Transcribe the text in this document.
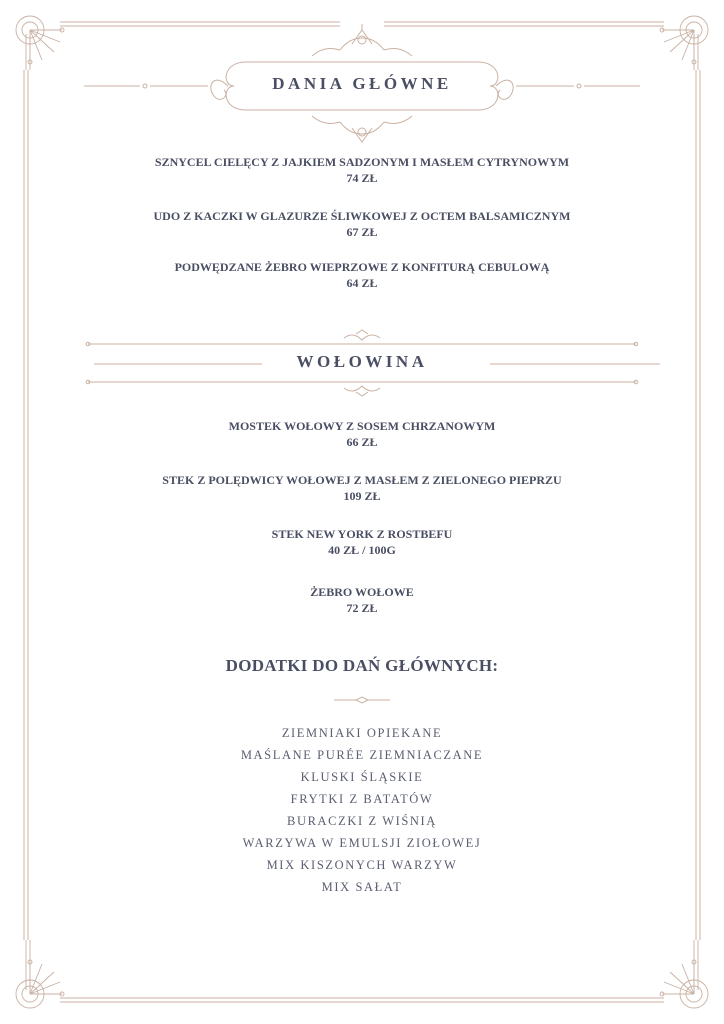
DANIA GŁÓWNE
SZNYCEL CIELĘCY Z JAJKIEM SADZONYM I MASŁEM CYTRYNOWYM
74 ZŁ
UDO Z KACZKI W GLAZURZE ŚLIWKOWEJ Z OCTEM BALSAMICZNYM
67 ZŁ
PODWĘDZANE ŻEBRO WIEPRZOWE Z KONFITURĄ CEBULOWĄ
64 ZŁ
WOŁOWINA
MOSTEK WOŁOWY Z SOSEM CHRZANOWYM
66 ZŁ
STEK Z POLĘDWICY WOŁOWEJ Z MASŁEM Z ZIELONEGO PIEPRZU
109 ZŁ
STEK NEW YORK Z ROSTBEFU
40 ZŁ / 100G
ŻEBRO WOŁOWE
72 ZŁ
DODATKI DO DAŃ GŁÓWNYCH:
ZIEMNIAKI OPIEKANE
MAŚLANE PURÉE ZIEMNIACZANE
KLUSKI ŚLĄSKIE
FRYTKI Z BATATÓW
BURACZKI Z WIŚNIĄ
WARZYWA W EMULSJI ZIOŁOWEJ
MIX KISZONYCH WARZYW
MIX SAŁAT
